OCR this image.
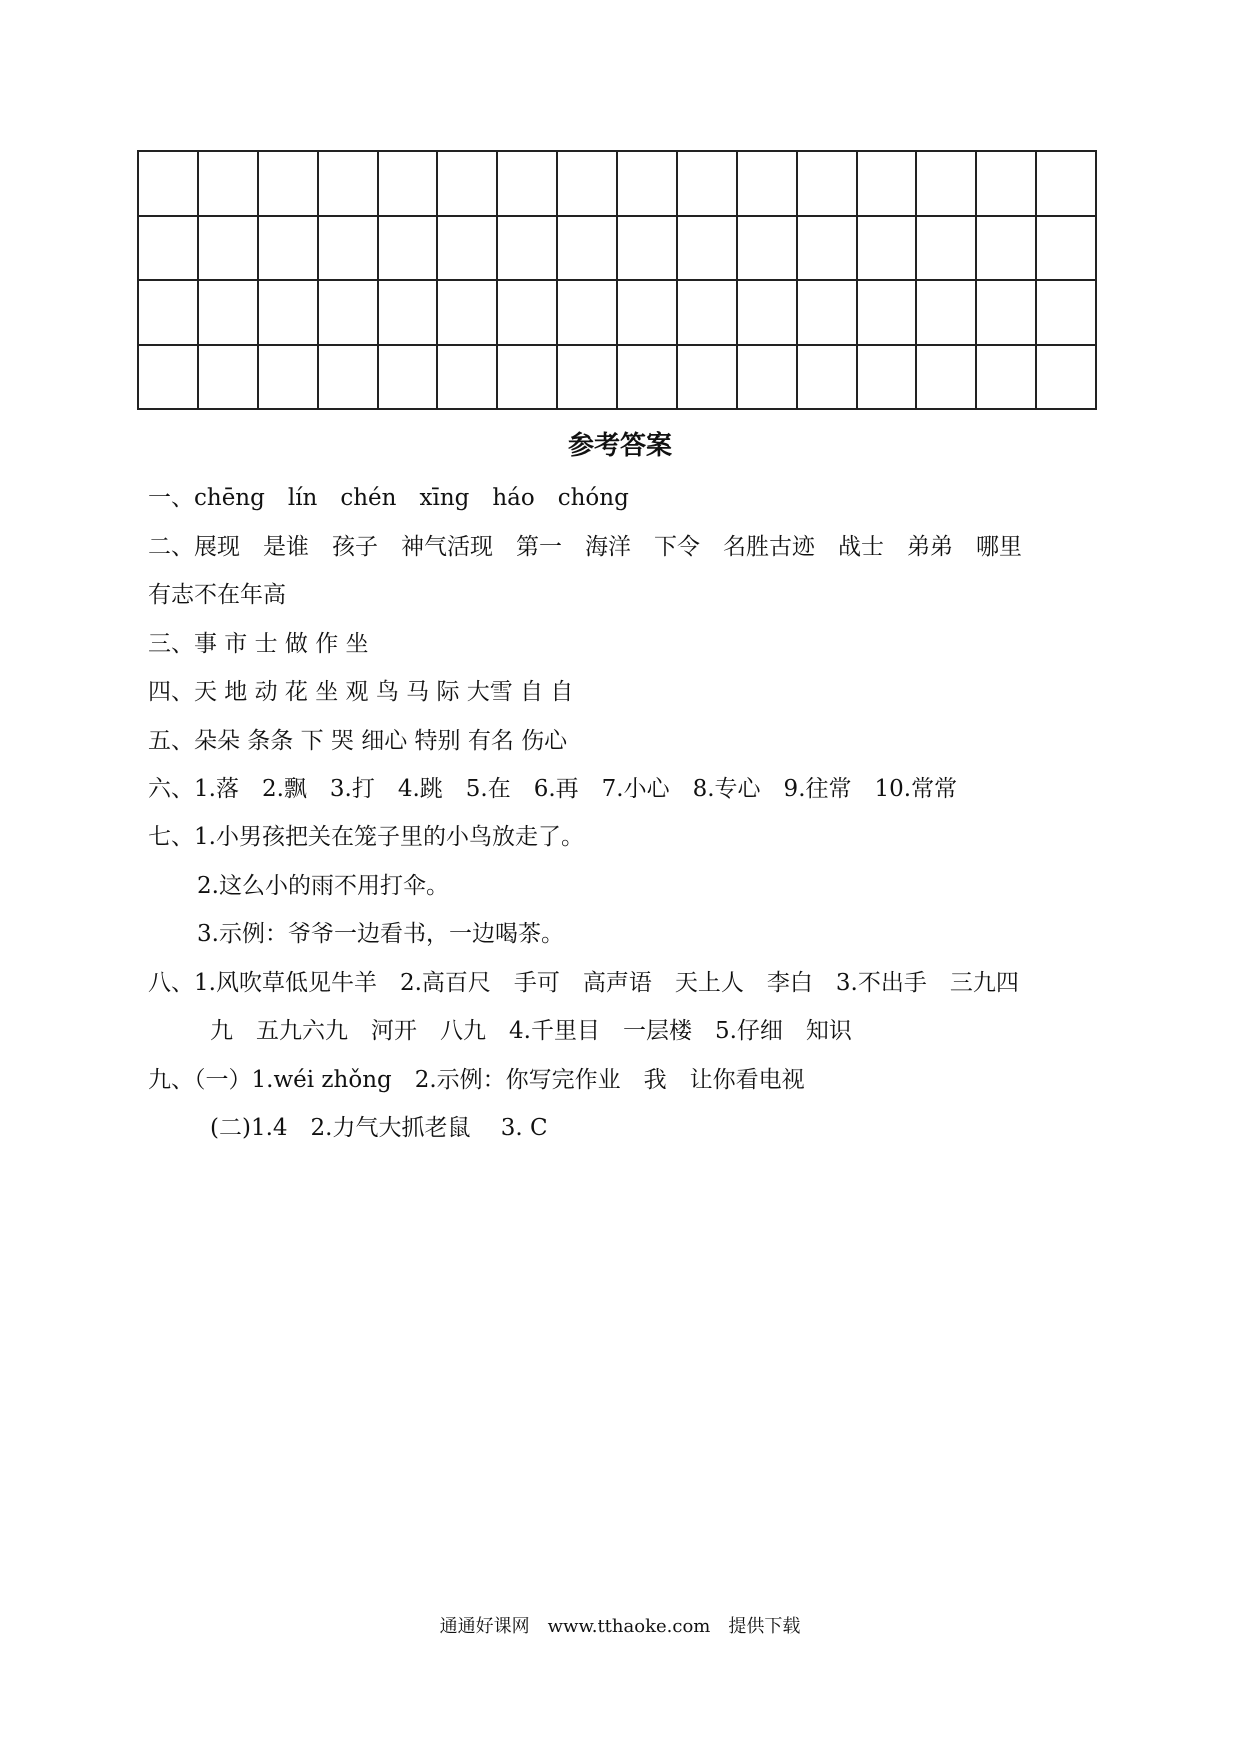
参考答案
一、chēng　lín　chén　xīng　háo　chóng
二、展现　是谁　孩子　神气活现　第一　海洋　下令　名胜古迹　战士　弟弟　哪里
有志不在年高
三、事 市 士 做 作 坐
四、天 地 动 花 坐 观 鸟 马 际 大雪 自 自
五、朵朵 条条 下 哭 细心 特别 有名 伤心
六、1.落　2.飘　3.打　4.跳　5.在　6.再　7.小心　8.专心　9.往常　10.常常
七、1.小男孩把关在笼子里的小鸟放走了。
2.这么小的雨不用打伞。
3.示例：爷爷一边看书，一边喝茶。
八、1.风吹草低见牛羊　2.高百尺　手可　高声语　天上人　李白　3.不出手　三九四
九　五九六九　河开　八九　4.千里目　一层楼　5.仔细　知识
九、（一）1.wéi zhǒng　2.示例：你写完作业　我　让你看电视
(二)1.4　2.力气大抓老鼠　 3. C
通通好课网　www.tthaoke.com　提供下载
